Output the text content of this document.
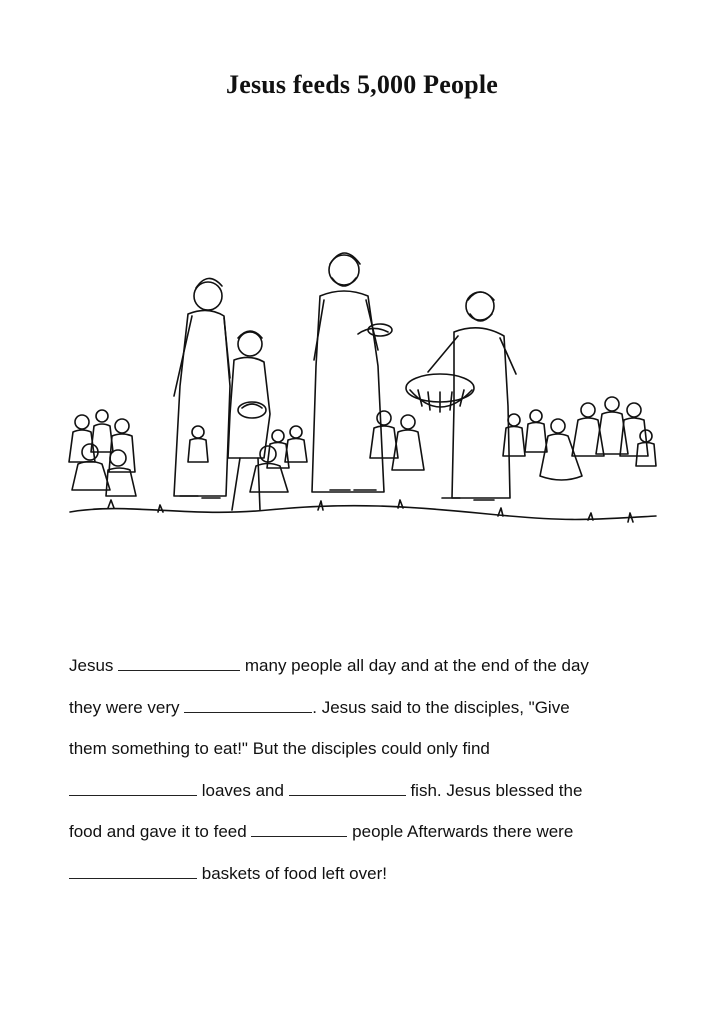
Jesus feeds 5,000 People
Jesus	many people all day and at the end of the day
they were very	. Jesus said to the disciples, "Give
them something to eat!" But the disciples could only find
loaves and	fish. Jesus blessed the
food and gave it to feed	people Afterwards there were
baskets of food left over!
